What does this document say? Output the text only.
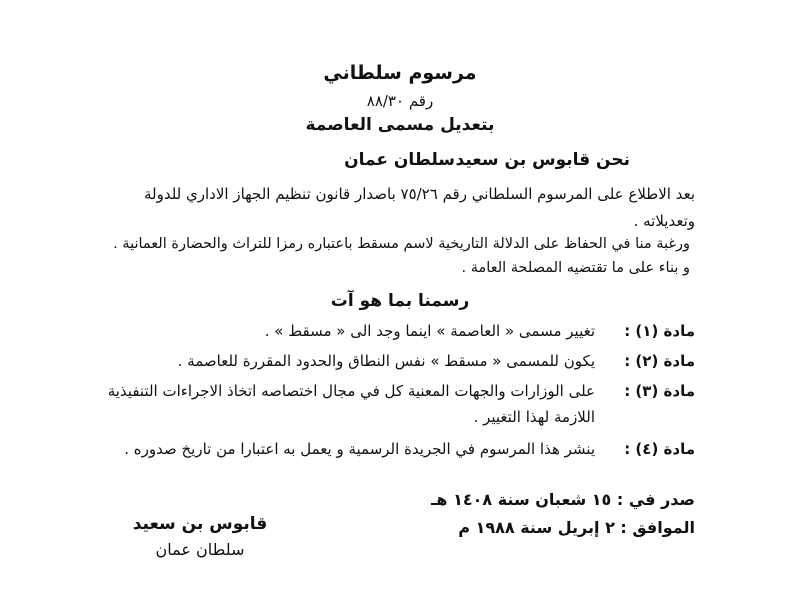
مرسوم سلطاني
رقم ٨٨/٣٠
بتعديل مسمى العاصمة
نحن قابوس بن سعيد
سلطان عمان
بعد الاطلاع على المرسوم السلطاني رقم ٧٥/٢٦ باصدار قانون تنظيم الجهاز الاداري للدولة
وتعديلاته .
ورغبة منا في الحفاظ على الدلالة التاريخية لاسم مسقط باعتباره رمزا للتراث والحضارة العمانية .
و بناء على ما تقتضيه المصلحة العامة .
رسمنا بما هو آت
مادة (١) :
تغيير مسمى « العاصمة » اينما وجد الى « مسقط » .
مادة (٢) :
يكون للمسمى « مسقط » نفس النطاق والحدود المقررة للعاصمة .
مادة (٣) :
على الوزارات والجهات المعنية كل في مجال اختصاصه اتخاذ الاجراءات التنفيذية
اللازمة لهذا التغيير .
مادة (٤) :
ينشر هذا المرسوم في الجريدة الرسمية و يعمل به اعتبارا من تاريخ صدوره .
صدر في : ١٥ شعبان سنة ١٤٠٨ هـ
الموافق : ٢ إبريل سنة ١٩٨٨ م
قابوس بن سعيد
سلطان عمان
